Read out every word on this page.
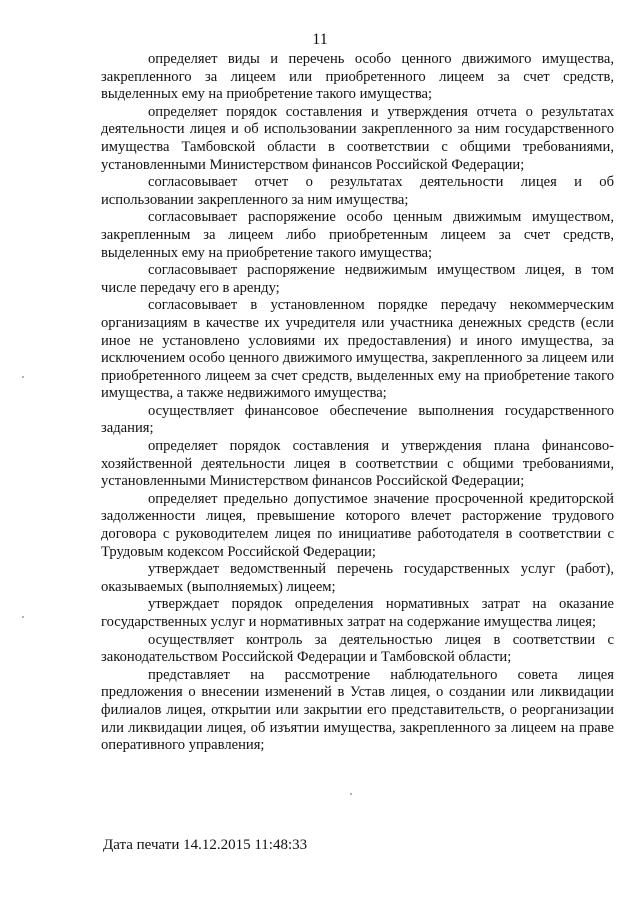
11

определяет виды и перечень особо ценного движимого имущества, закрепленного за лицеем или приобретенного лицеем за счет средств, выделенных ему на приобретение такого имущества;

определяет порядок составления и утверждения отчета о результатах деятельности лицея и об использовании закрепленного за ним государственного имущества Тамбовской области в соответствии с общими требованиями, установленными Министерством финансов Российской Федерации;

согласовывает отчет о результатах деятельности лицея и об использовании закрепленного за ним имущества;

согласовывает распоряжение особо ценным движимым имуществом, закрепленным за лицеем либо приобретенным лицеем за счет средств, выделенных ему на приобретение такого имущества;

согласовывает распоряжение недвижимым имуществом лицея, в том числе передачу его в аренду;

согласовывает в установленном порядке передачу некоммерческим организациям в качестве их учредителя или участника денежных средств (если иное не установлено условиями их предоставления) и иного имущества, за исключением особо ценного движимого имущества, закрепленного за лицеем или приобретенного лицеем за счет средств, выделенных ему на приобретение такого имущества, а также недвижимого имущества;

осуществляет финансовое обеспечение выполнения государственного задания;

определяет порядок составления и утверждения плана финансово-хозяйственной деятельности лицея в соответствии с общими требованиями, установленными Министерством финансов Российской Федерации;

определяет предельно допустимое значение просроченной кредиторской задолженности лицея, превышение которого влечет расторжение трудового договора с руководителем лицея по инициативе работодателя в соответствии с Трудовым кодексом Российской Федерации;

утверждает ведомственный перечень государственных услуг (работ), оказываемых (выполняемых) лицеем;

утверждает порядок определения нормативных затрат на оказание государственных услуг и нормативных затрат на содержание имущества лицея;

осуществляет контроль за деятельностью лицея в соответствии с законодательством Российской Федерации и Тамбовской области;

представляет на рассмотрение наблюдательного совета лицея предложения о внесении изменений в Устав лицея, о создании или ликвидации филиалов лицея, открытии или закрытии его представительств, о реорганизации или ликвидации лицея, об изъятии имущества, закрепленного за лицеем на праве оперативного управления;

Дата печати 14.12.2015 11:48:33
